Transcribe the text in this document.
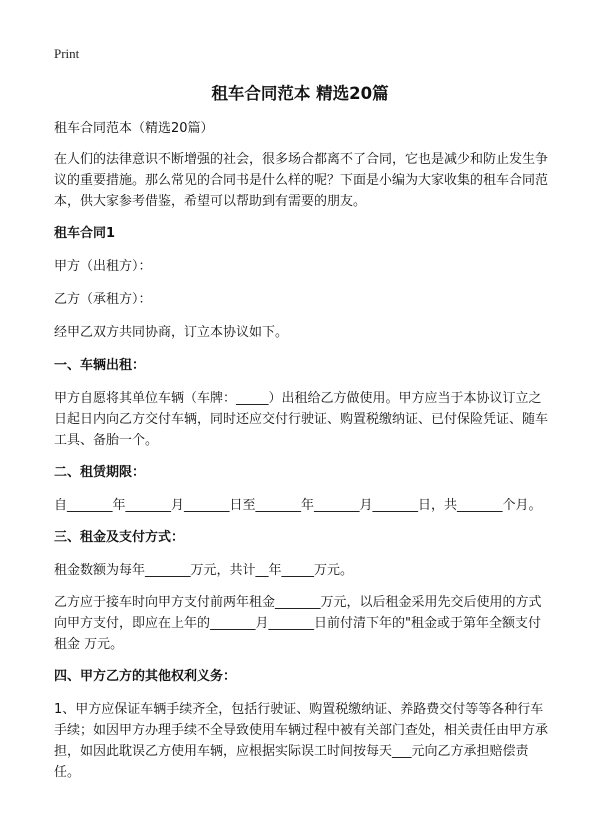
Print
租车合同范本 精选20篇

租车合同范本（精选20篇）

在人们的法律意识不断增强的社会，很多场合都离不了合同，它也是减少和防止发生争议的重要措施。那么常见的合同书是什么样的呢？下面是小编为大家收集的租车合同范本，供大家参考借鉴，希望可以帮助到有需要的朋友。

租车合同1

甲方（出租方）：

乙方（承租方）：

经甲乙双方共同协商，订立本协议如下。

一、车辆出租：

甲方自愿将其单位车辆（车牌：_____）出租给乙方做使用。甲方应当于本协议订立之日起日内向乙方交付车辆，同时还应交付行驶证、购置税缴纳证、已付保险凭证、随车工具、备胎一个。

二、租赁期限：

自_______年_______月_______日至_______年_______月_______日，共_______个月。

三、租金及支付方式：

租金数额为每年_______万元，共计__年_____万元。

乙方应于接车时向甲方支付前两年租金_______万元，以后租金采用先交后使用的方式向甲方支付，即应在上年的_______月_______日前付清下年的"租金或于第年全额支付租金 万元。

四、甲方乙方的其他权利义务：

1、甲方应保证车辆手续齐全，包括行驶证、购置税缴纳证、养路费交付等等各种行车手续；如因甲方办理手续不全导致使用车辆过程中被有关部门查处，相关责任由甲方承担，如因此耽误乙方使用车辆，应根据实际误工时间按每天___元向乙方承担赔偿责任。
